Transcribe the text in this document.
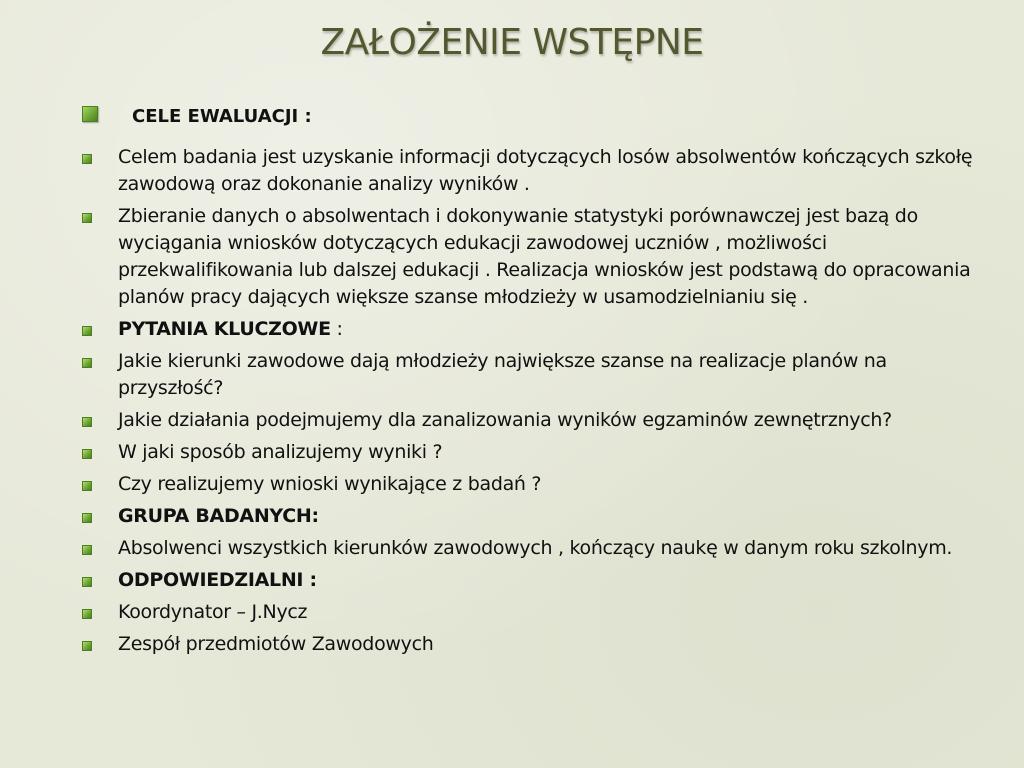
ZAŁOŻENIE WSTĘPNE
CELE EWALUACJI :
Celem badania jest uzyskanie informacji dotyczących losów absolwentów kończących szkołę zawodową oraz dokonanie analizy wyników .
Zbieranie danych o absolwentach i dokonywanie statystyki porównawczej jest bazą do wyciągania wniosków dotyczących edukacji zawodowej uczniów , możliwości przekwalifikowania lub dalszej edukacji . Realizacja wniosków jest podstawą do opracowania planów pracy dających większe szanse młodzieży w usamodzielnianiu się .
PYTANIA KLUCZOWE :
Jakie kierunki zawodowe dają młodzieży największe szanse na realizacje planów na przyszłość?
Jakie działania podejmujemy dla zanalizowania wyników egzaminów zewnętrznych?
W jaki sposób analizujemy wyniki ?
Czy realizujemy wnioski wynikające z badań ?
GRUPA BADANYCH:
Absolwenci wszystkich kierunków zawodowych , kończący naukę w danym roku szkolnym.
ODPOWIEDZIALNI :
Koordynator – J.Nycz
Zespół przedmiotów Zawodowych
